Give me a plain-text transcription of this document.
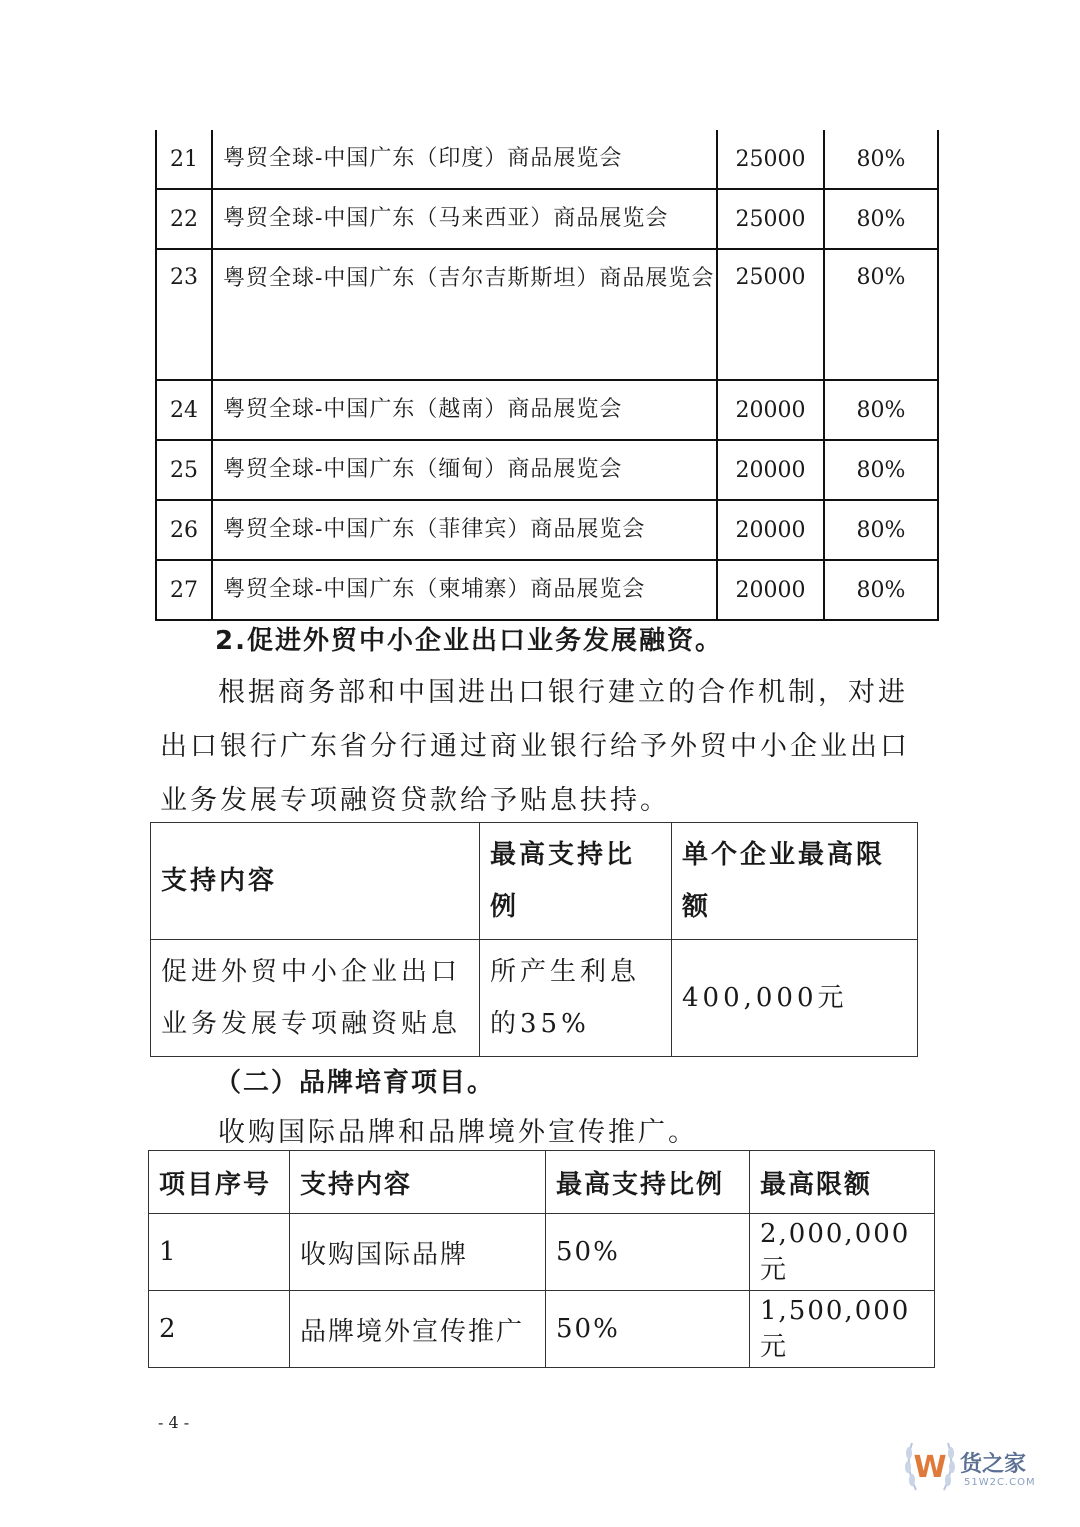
21	粤贸全球-中国广东（印度）商品展览会	25000	80%
22	粤贸全球-中国广东（马来西亚）商品展览会	25000	80%
23	粤贸全球-中国广东（吉尔吉斯斯坦）商品展览会	25000	80%
24	粤贸全球-中国广东（越南）商品展览会	20000	80%
25	粤贸全球-中国广东（缅甸）商品展览会	20000	80%
26	粤贸全球-中国广东（菲律宾）商品展览会	20000	80%
27	粤贸全球-中国广东（柬埔寨）商品展览会	20000	80%
2.促进外贸中小企业出口业务发展融资。

根据商务部和中国进出口银行建立的合作机制，对进出口银行广东省分行通过商业银行给予外贸中小企业出口业务发展专项融资贷款给予贴息扶持。

支持内容	最高支持比例	单个企业最高限额
促进外贸中小企业出口业务发展专项融资贴息	所产生利息的35%	400,000元
（二）品牌培育项目。

收购国际品牌和品牌境外宣传推广。

项目序号	支持内容	最高支持比例	最高限额
1	收购国际品牌	50%	2,000,000元
2	品牌境外宣传推广	50%	1,500,000元
- 4 -
W 货之家
51W2C.COM
